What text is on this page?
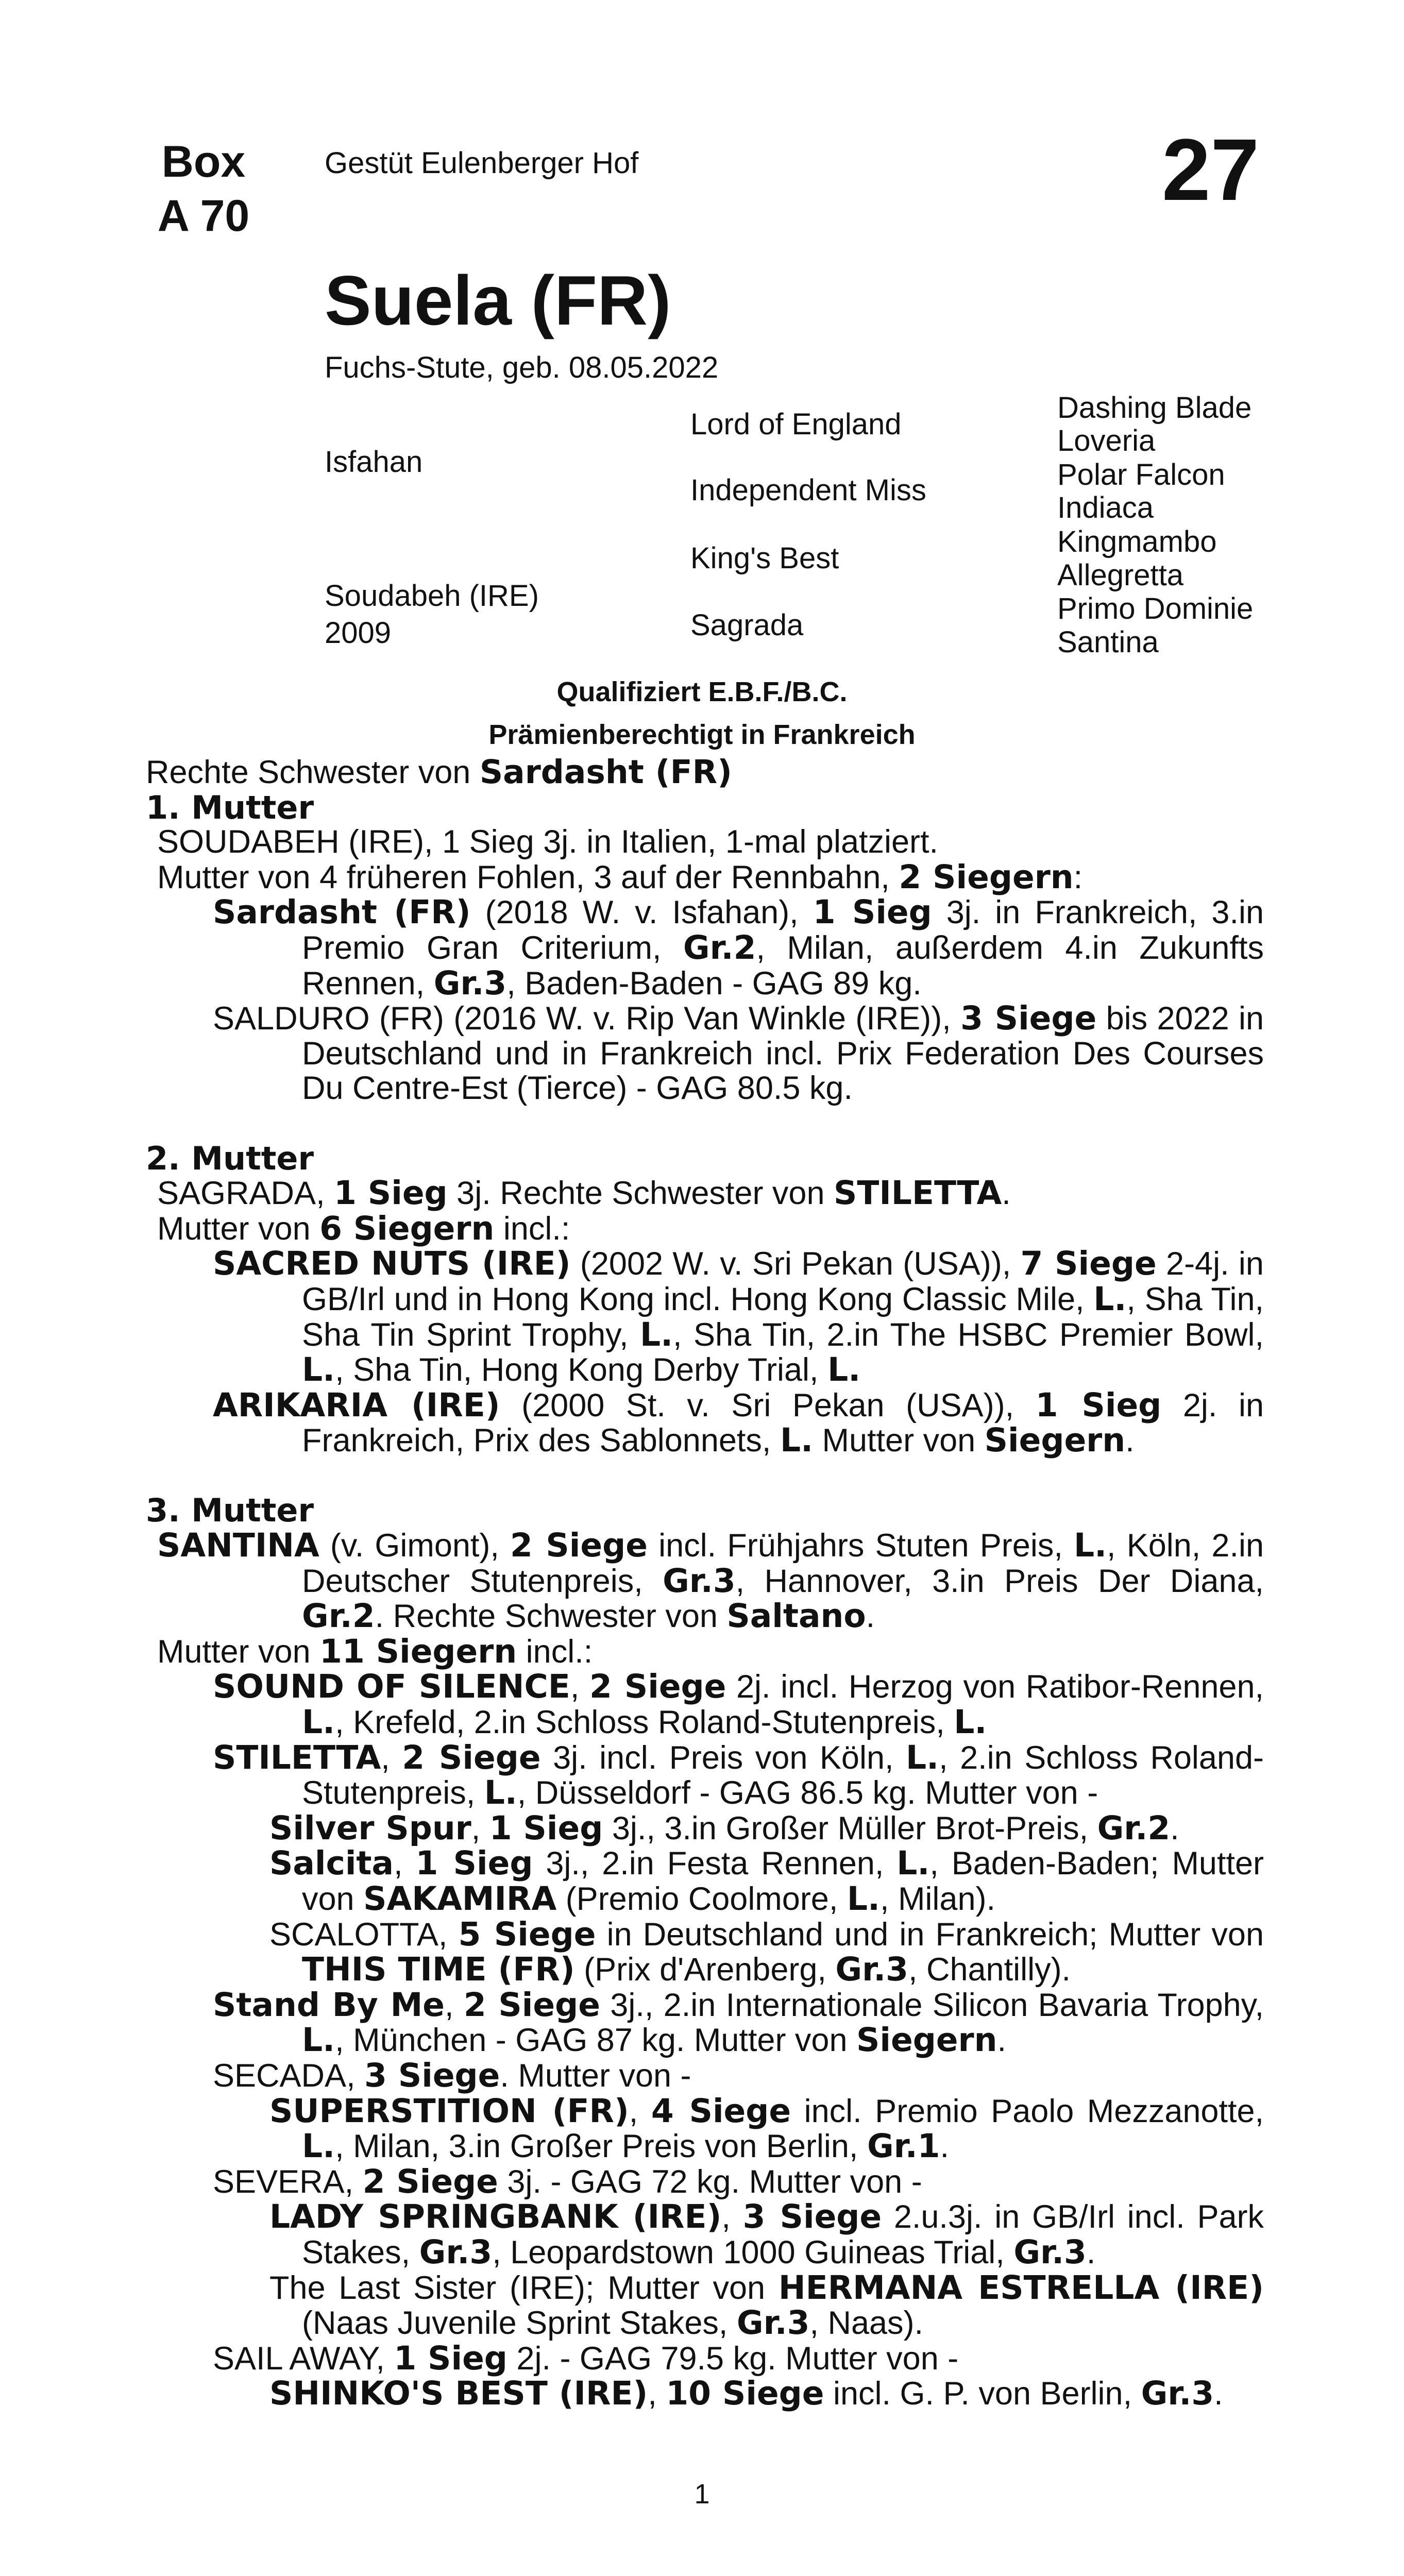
Box
A 70
Gestüt Eulenberger Hof	27
Suela (FR)
Fuchs-Stute, geb. 08.05.2022
Isfahan
Soudabeh (IRE)
2009
Lord of England
Independent Miss
King's Best
Sagrada
Dashing Blade
Loveria
Polar Falcon
Indiaca
Kingmambo
Allegretta
Primo Dominie
Santina
Qualifiziert E.B.F./B.C.
Prämienberechtigt in Frankreich

Rechte Schwester von Sardasht (FR)

1. Mutter

SOUDABEH (IRE), 1 Sieg 3j. in Italien, 1-mal platziert.

Mutter von 4 früheren Fohlen, 3 auf der Rennbahn, 2 Siegern:

Sardasht (FR) (2018 W. v. Isfahan), 1 Sieg 3j. in Frankreich, 3.in Premio Gran Criterium, Gr.2, Milan, außerdem 4.in Zukunfts Rennen, Gr.3, Baden-Baden - GAG 89 kg.

SALDURO (FR) (2016 W. v. Rip Van Winkle (IRE)), 3 Siege bis 2022 in Deutschland und in Frankreich incl. Prix Federation Des Courses Du Centre-Est (Tierce) - GAG 80.5 kg.

2. Mutter

SAGRADA, 1 Sieg 3j. Rechte Schwester von STILETTA.

Mutter von 6 Siegern incl.:

SACRED NUTS (IRE) (2002 W. v. Sri Pekan (USA)), 7 Siege 2-4j. in GB/Irl und in Hong Kong incl. Hong Kong Classic Mile, L., Sha Tin, Sha Tin Sprint Trophy, L., Sha Tin, 2.in The HSBC Premier Bowl, L., Sha Tin, Hong Kong Derby Trial, L.

ARIKARIA (IRE) (2000 St. v. Sri Pekan (USA)), 1 Sieg 2j. in Frankreich, Prix des Sablonnets, L. Mutter von Siegern.

3. Mutter

SANTINA (v. Gimont), 2 Siege incl. Frühjahrs Stuten Preis, L., Köln, 2.in Deutscher Stutenpreis, Gr.3, Hannover, 3.in Preis Der Diana, Gr.2. Rechte Schwester von Saltano.

Mutter von 11 Siegern incl.:

SOUND OF SILENCE, 2 Siege 2j. incl. Herzog von Ratibor-Rennen, L., Krefeld, 2.in Schloss Roland-Stutenpreis, L.

STILETTA, 2 Siege 3j. incl. Preis von Köln, L., 2.in Schloss Roland-Stutenpreis, L., Düsseldorf - GAG 86.5 kg. Mutter von -

Silver Spur, 1 Sieg 3j., 3.in Großer Müller Brot-Preis, Gr.2.

Salcita, 1 Sieg 3j., 2.in Festa Rennen, L., Baden-Baden; Mutter von SAKAMIRA (Premio Coolmore, L., Milan).

SCALOTTA, 5 Siege in Deutschland und in Frankreich; Mutter von THIS TIME (FR) (Prix d'Arenberg, Gr.3, Chantilly).

Stand By Me, 2 Siege 3j., 2.in Internationale Silicon Bavaria Trophy, L., München - GAG 87 kg. Mutter von Siegern.

SECADA, 3 Siege. Mutter von -

SUPERSTITION (FR), 4 Siege incl. Premio Paolo Mezzanotte, L., Milan, 3.in Großer Preis von Berlin, Gr.1.

SEVERA, 2 Siege 3j. - GAG 72 kg. Mutter von -

LADY SPRINGBANK (IRE), 3 Siege 2.u.3j. in GB/Irl incl. Park Stakes, Gr.3, Leopardstown 1000 Guineas Trial, Gr.3.

The Last Sister (IRE); Mutter von HERMANA ESTRELLA (IRE) (Naas Juvenile Sprint Stakes, Gr.3, Naas).

SAIL AWAY, 1 Sieg 2j. - GAG 79.5 kg. Mutter von -

SHINKO'S BEST (IRE), 10 Siege incl. G. P. von Berlin, Gr.3.

1
